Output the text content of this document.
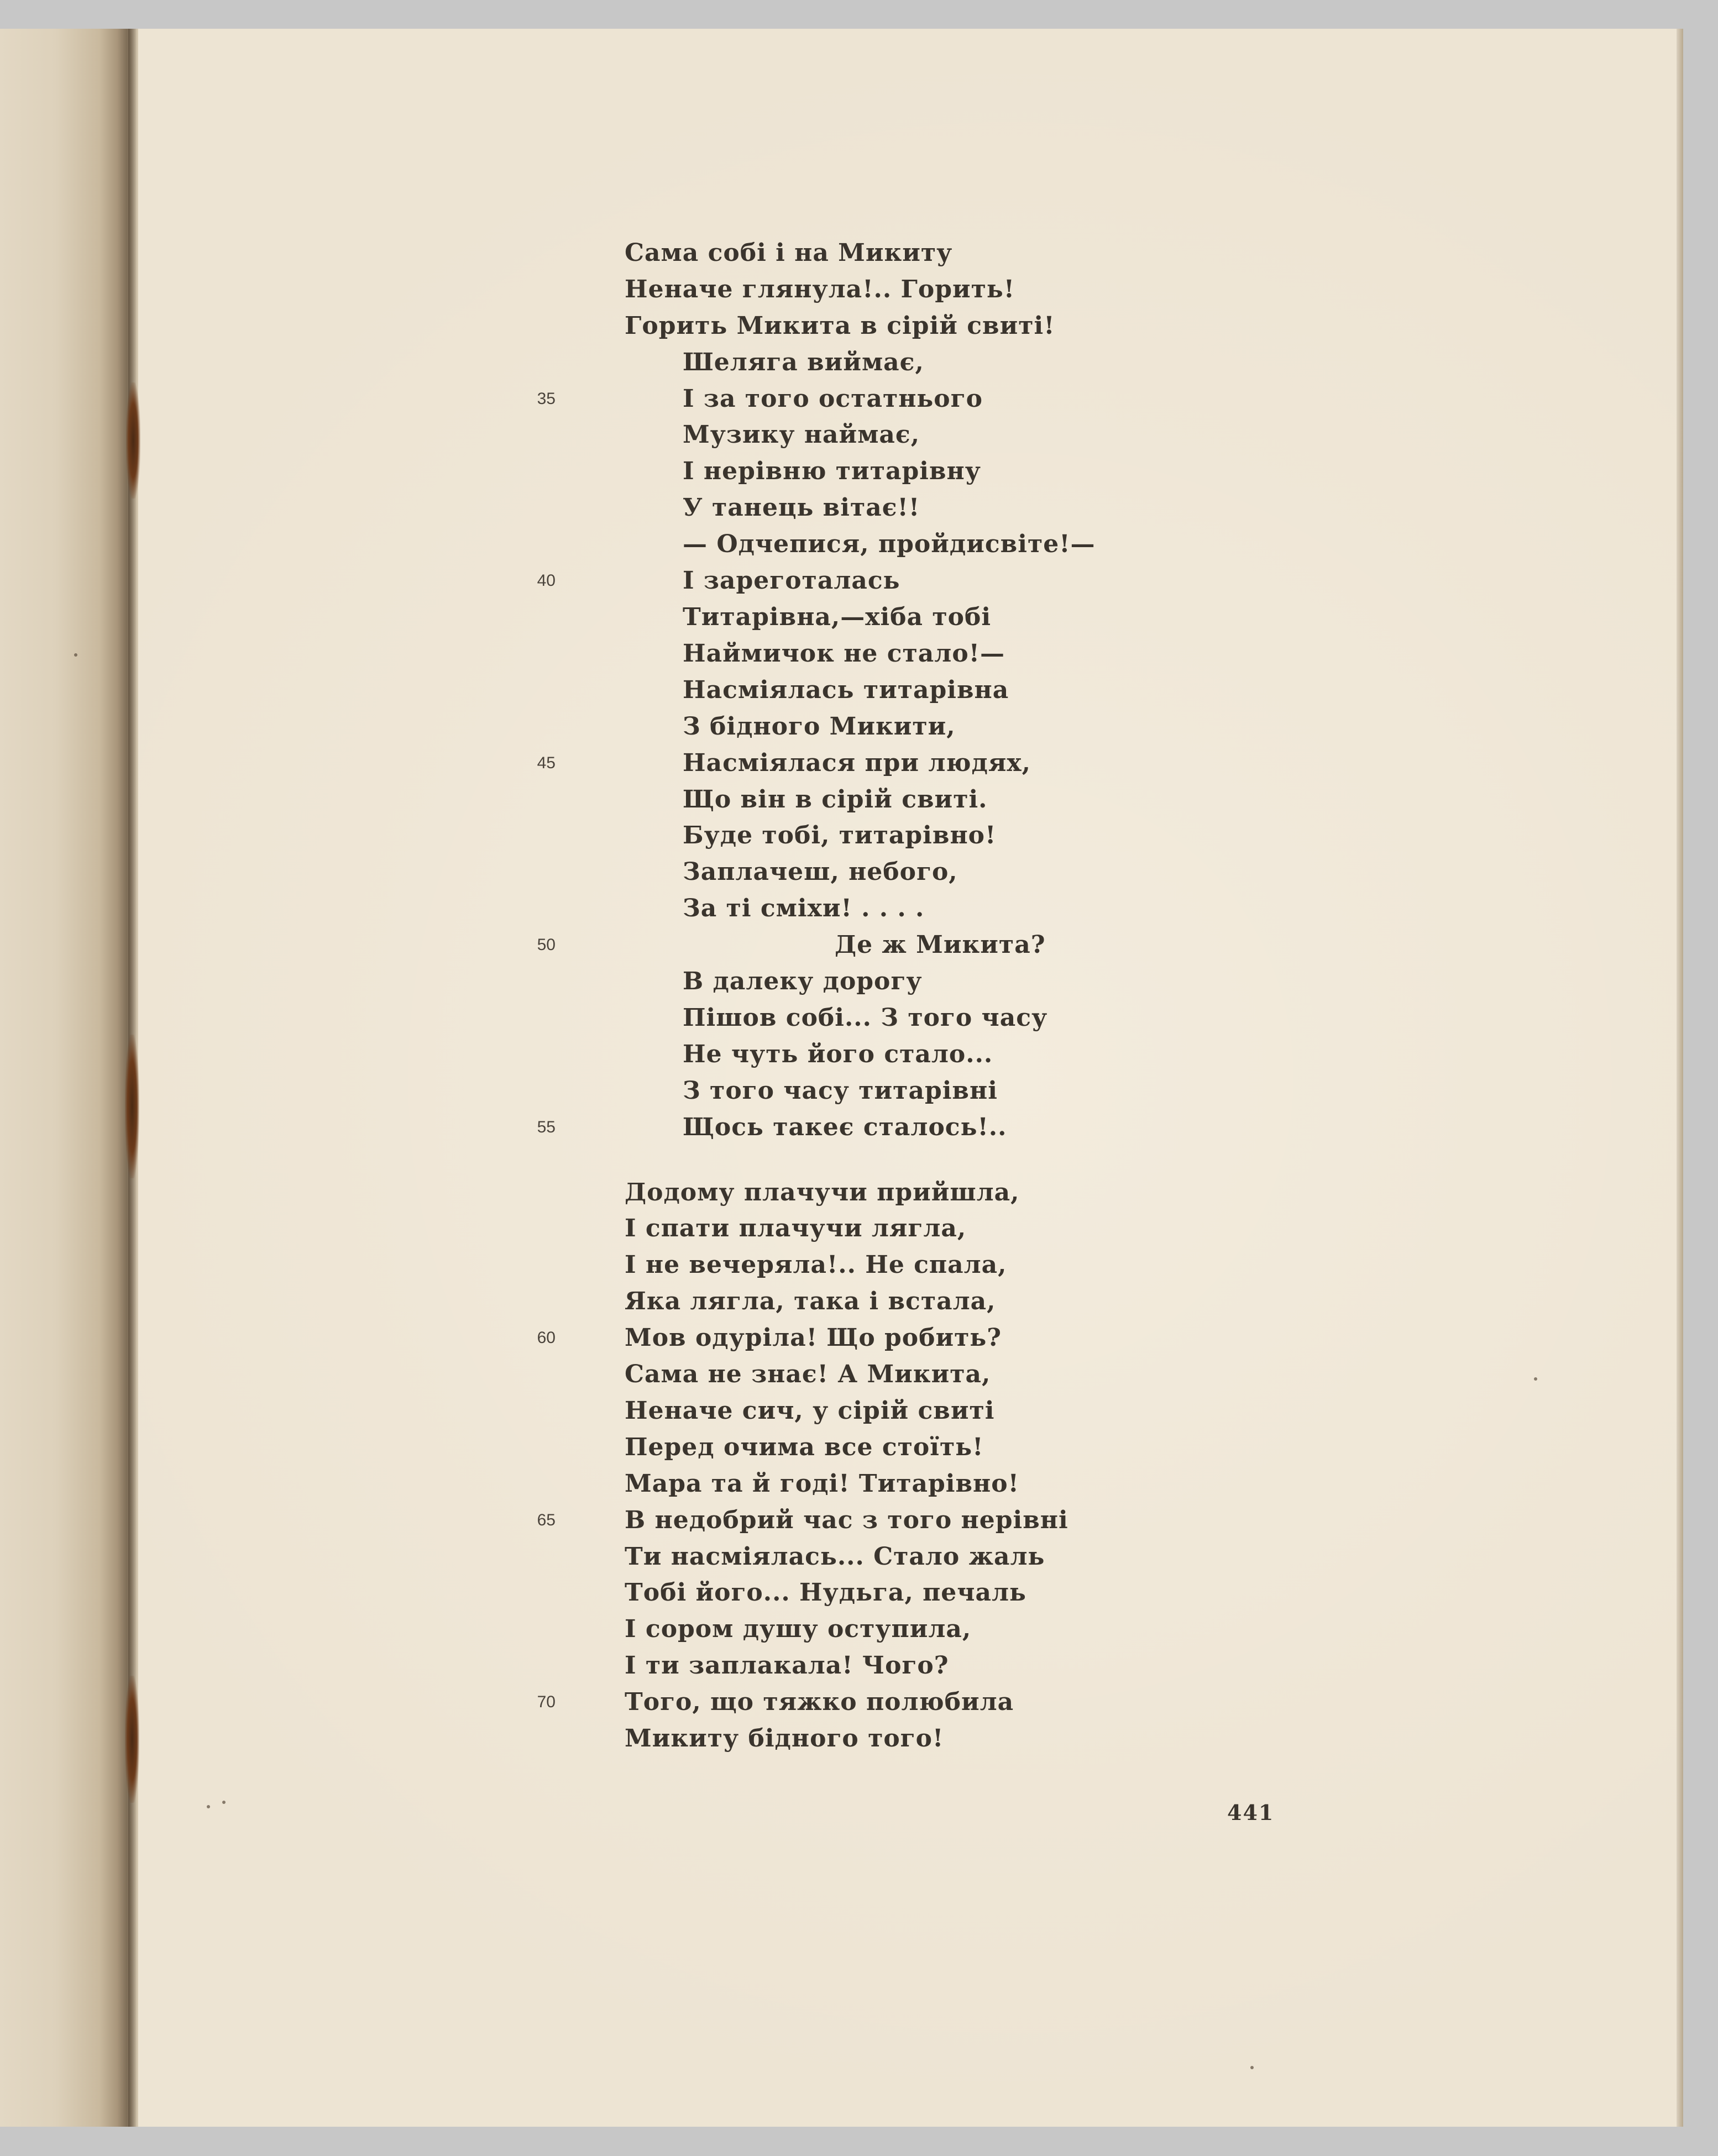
Сама собі і на Микиту
Неначе глянула!.. Горить!
Горить Микита в сірій свиті!
Шеляга виймає,
І за того остатнього
35
Музику наймає,
І нерівню титарівну
У танець вітає!!
— Одчепися, пройдисвіте!—
І зареготалась
40
Титарівна,—хіба тобі
Наймичок не стало!—
Насміялась титарівна
З бідного Микити,
Насміялася при людях,
45
Що він в сірій свиті.
Буде тобі, титарівно!
Заплачеш, небого,
За ті сміхи! . . . .
Де ж Микита?
50
В далеку дорогу
Пішов собі... З того часу
Не чуть його стало...
З того часу титарівні
Щось такеє сталось!..
55
Додому плачучи прийшла,
І спати плачучи лягла,
І не вечеряла!.. Не спала,
Яка лягла, така і встала,
Мов одуріла! Що робить?
60
Сама не знає! А Микита,
Неначе сич, у сірій свиті
Перед очима все стоїть!
Мара та й годі! Титарівно!
В недобрий час з того нерівні
65
Ти насміялась... Стало жаль
Тобі його... Нудьга, печаль
І сором душу оступила,
І ти заплакала! Чого?
Того, що тяжко полюбила
70
Микиту бідного того!
441
